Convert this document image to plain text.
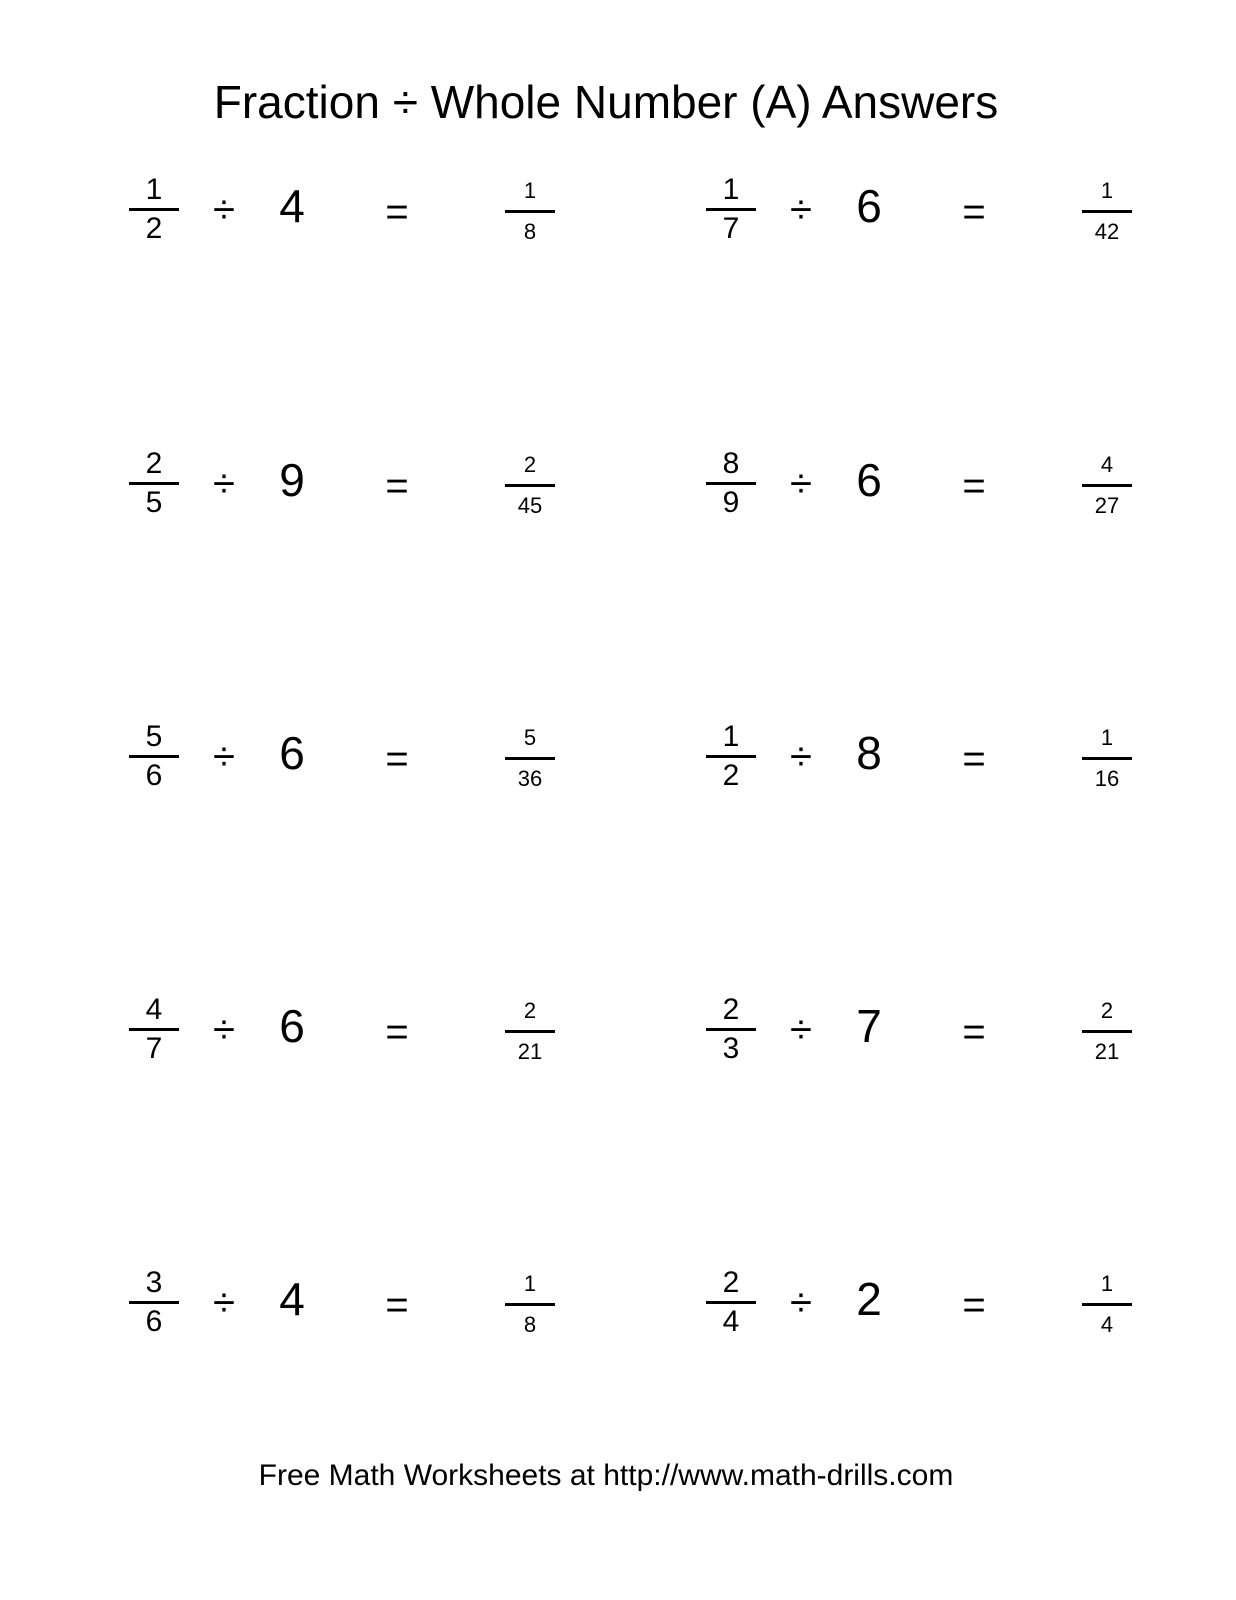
Fraction ÷ Whole Number (A) Answers
1
2 ÷ 4 =	1
8
1
7 ÷ 6 =	1
42
2
5 ÷ 9 =	2
45
8
9 ÷ 6 =	4
27
5
6 ÷ 6 =	5
36
1
2 ÷ 8 =	1
16
4
7 ÷ 6 =	2
21
2
3 ÷ 7 =	2
21
3
6 ÷ 4 =	1
8
2
4 ÷ 2 =	1
4
Free Math Worksheets at http://www.math-drills.com
